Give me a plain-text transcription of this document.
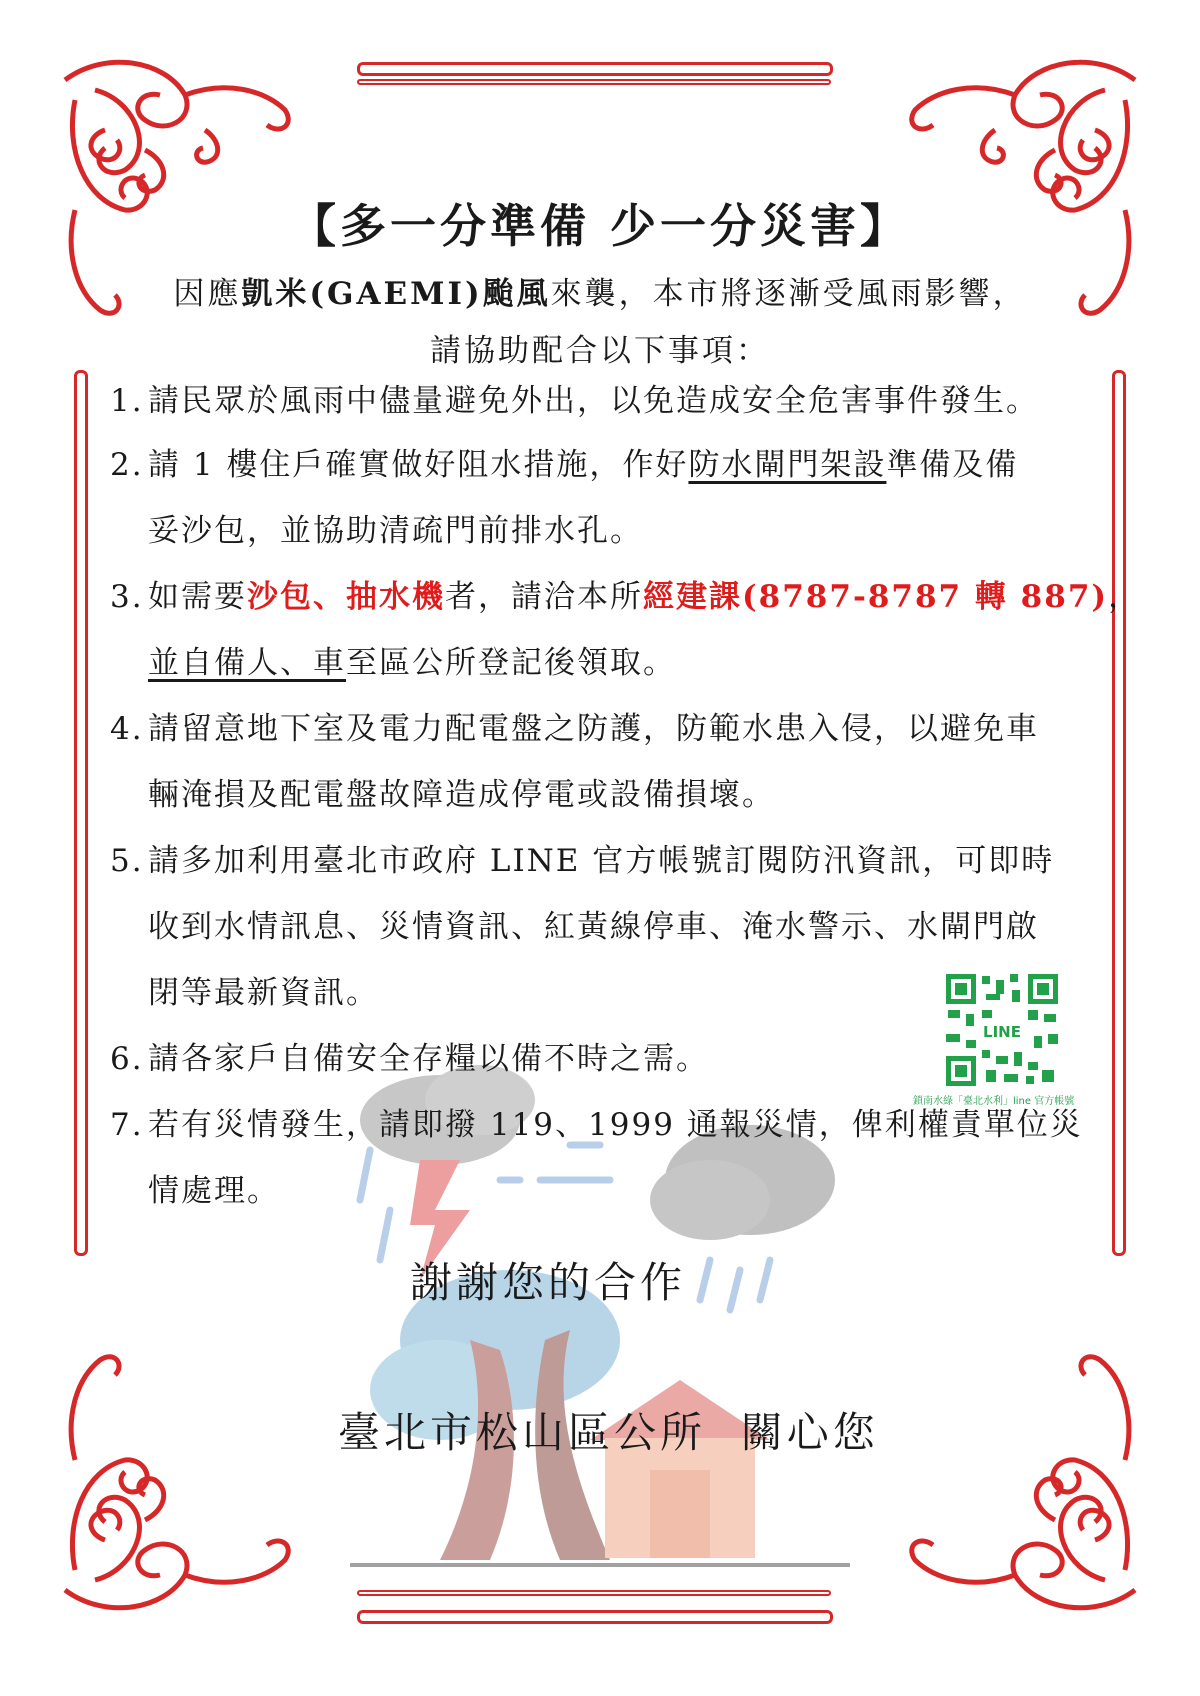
【多一分準備 少一分災害】
因應凱米(GAEMI)颱風來襲，本市將逐漸受風雨影響，
請協助配合以下事項：
1. 請民眾於風雨中儘量避免外出，以免造成安全危害事件發生。
2. 請 1 樓住戶確實做好阻水措施，作好防水閘門架設準備及備
妥沙包，並協助清疏門前排水孔。
3. 如需要沙包、抽水機者，請洽本所經建課(8787-8787 轉 887)，
並自備人、車至區公所登記後領取。
4. 請留意地下室及電力配電盤之防護，防範水患入侵，以避免車
輛淹損及配電盤故障造成停電或設備損壞。
5. 請多加利用臺北市政府 LINE 官方帳號訂閱防汛資訊，可即時
收到水情訊息、災情資訊、紅黃線停車、淹水警示、水閘門啟
閉等最新資訊。
LINE
鎖南水綠「臺北水利」line 官方帳號
6. 請各家戶自備安全存糧以備不時之需。
7. 若有災情發生，請即撥 119、1999 通報災情，俾利權責單位災
情處理。
謝謝您的合作
臺北市松山區公所  關心您
